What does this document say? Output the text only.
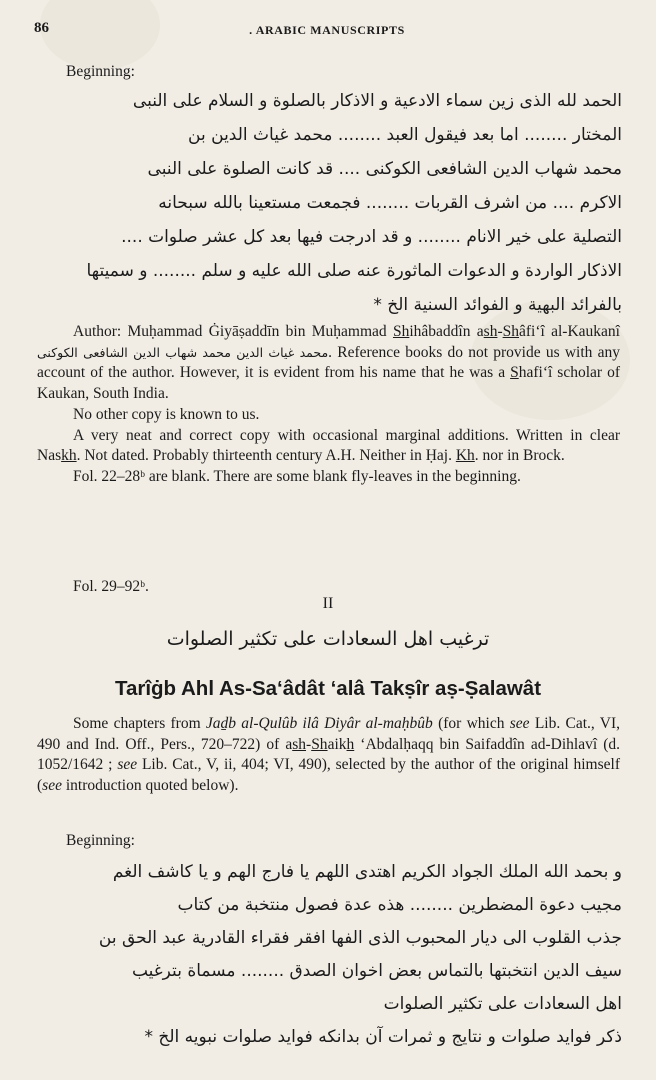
86	. ARABIC MANUSCRIPTS
Beginning:
الحمد لله الذى زين سماء الادعية و الاذكار بالصلوة و السلام على النبى
المختار ........ اما بعد فيقول العبد ........ محمد غياث الدين بن
محمد شهاب الدين الشافعى الكوكنى .... قد كانت الصلوة على النبى
الاكرم .... من اشرف القربات ........ فجمعت مستعينا بالله سبحانه
التصلية على خير الانام ........ و قد ادرجت فيها بعد كل عشر صلوات ....
الاذكار الواردة و الدعوات الماثورة عنه صلى الله عليه و سلم ........ و سميتها
بالفرائد البهية و الفوائد السنية الخ *

Author: Muḥammad Ġiyāṣaddīn bin Muḥammad Shihâbaddîn ash-Shâfi‘î al-Kaukanî محمد غياث الدين محمد شهاب الدين الشافعى الكوكنى. Reference books do not provide us with any account of the author. However, it is evident from his name that he was a Shafi‘î scholar of Kaukan, South India.

No other copy is known to us.

A very neat and correct copy with occasional marginal additions. Written in clear Naskh. Not dated. Probably thirteenth century A.H. Neither in Ḥaj. Kh. nor in Brock.

Fol. 22–28ᵇ are blank. There are some blank fly-leaves in the beginning.

Fol. 29–92ᵇ.
II
ترغيب اهل السعادات على تكثير الصلوات
Tarîġb Ahl As-Sa‘âdât ‘alâ Takṣîr aṣ-Ṣalawât

Some chapters from Jaḏb al-Qulûb ilâ Diyâr al-maḥbûb (for which see Lib. Cat., VI, 490 and Ind. Off., Pers., 720–722) of ash-Shaikh ‘Abdalḥaqq bin Saifaddîn ad-Dihlavî (d. 1052/1642 ; see Lib. Cat., V, ii, 404; VI, 490), selected by the author of the original himself (see introduction quoted below).

Beginning:
و بحمد الله الملك الجواد الكريم اهتدى اللهم يا فارج الهم و يا كاشف الغم
مجيب دعوة المضطرين ........ هذه عدة فصول منتخبة من كتاب
جذب القلوب الى ديار المحبوب الذى الفها افقر فقراء القادرية عبد الحق بن
سيف الدين انتخبتها بالتماس بعض اخوان الصدق ........ مسماة بترغيب
اهل السعادات على تكثير الصلوات
ذكر فوايد صلوات و نتايج و ثمرات آن بدانكه فوايد صلوات نبويه الخ *
